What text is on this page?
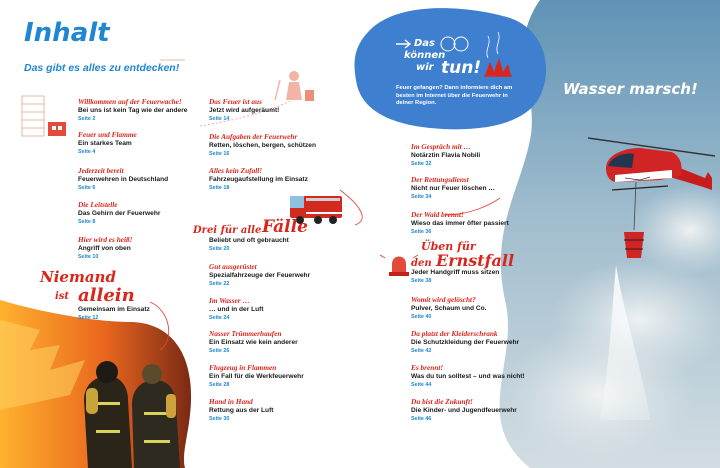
Wasser marsch!
Das
können
wir tun!
Feuer gefangen? Dann informiere dich am besten im Internet über die Feuerwehr in deiner Region.
Inhalt
Das gibt es alles zu entdecken!
Willkommen auf der Feuerwache!
Bei uns ist kein Tag wie der andere
Seite 2
Feuer und Flamme
Ein starkes Team
Seite 4
Jederzeit bereit
Feuerwehren in Deutschland
Seite 6
Die Leitstelle
Das Gehirn der Feuerwehr
Seite 8
Hier wird es heiß!
Angriff von oben
Seite 10
Niemand
ist allein
Gemeinsam im Einsatz
Seite 12
Das Feuer ist aus
Jetzt wird aufgeräumt!
Seite 14
Die Aufgaben der Feuerwehr
Retten, löschen, bergen, schützen
Seite 16
Alles kein Zufall!
Fahrzeugaufstellung im Einsatz
Seite 18
Drei für alle Fälle
Beliebt und oft gebraucht
Seite 20
Gut ausgerüstet
Spezialfahrzeuge der Feuerwehr
Seite 22
Im Wasser …
… und in der Luft
Seite 24
Nasser Trümmerhaufen
Ein Einsatz wie kein anderer
Seite 26
Flugzeug in Flammen
Ein Fall für die Werkfeuerwehr
Seite 28
Hand in Hand
Rettung aus der Luft
Seite 30
Im Gespräch mit …
Notärztin Flavia Nobili
Seite 32
Der Rettungsdienst
Nicht nur Feuer löschen …
Seite 34
Der Wald brennt!
Wieso das immer öfter passiert
Seite 36
Üben für
den Ernstfall
Jeder Handgriff muss sitzen
Seite 38
Womit wird gelöscht?
Pulver, Schaum und Co.
Seite 40
Da platzt der Kleiderschrank
Die Schutzkleidung der Feuerwehr
Seite 42
Es brennt!
Was du tun solltest – und was nicht!
Seite 44
Du bist die Zukunft!
Die Kinder- und Jugendfeuerwehr
Seite 46
